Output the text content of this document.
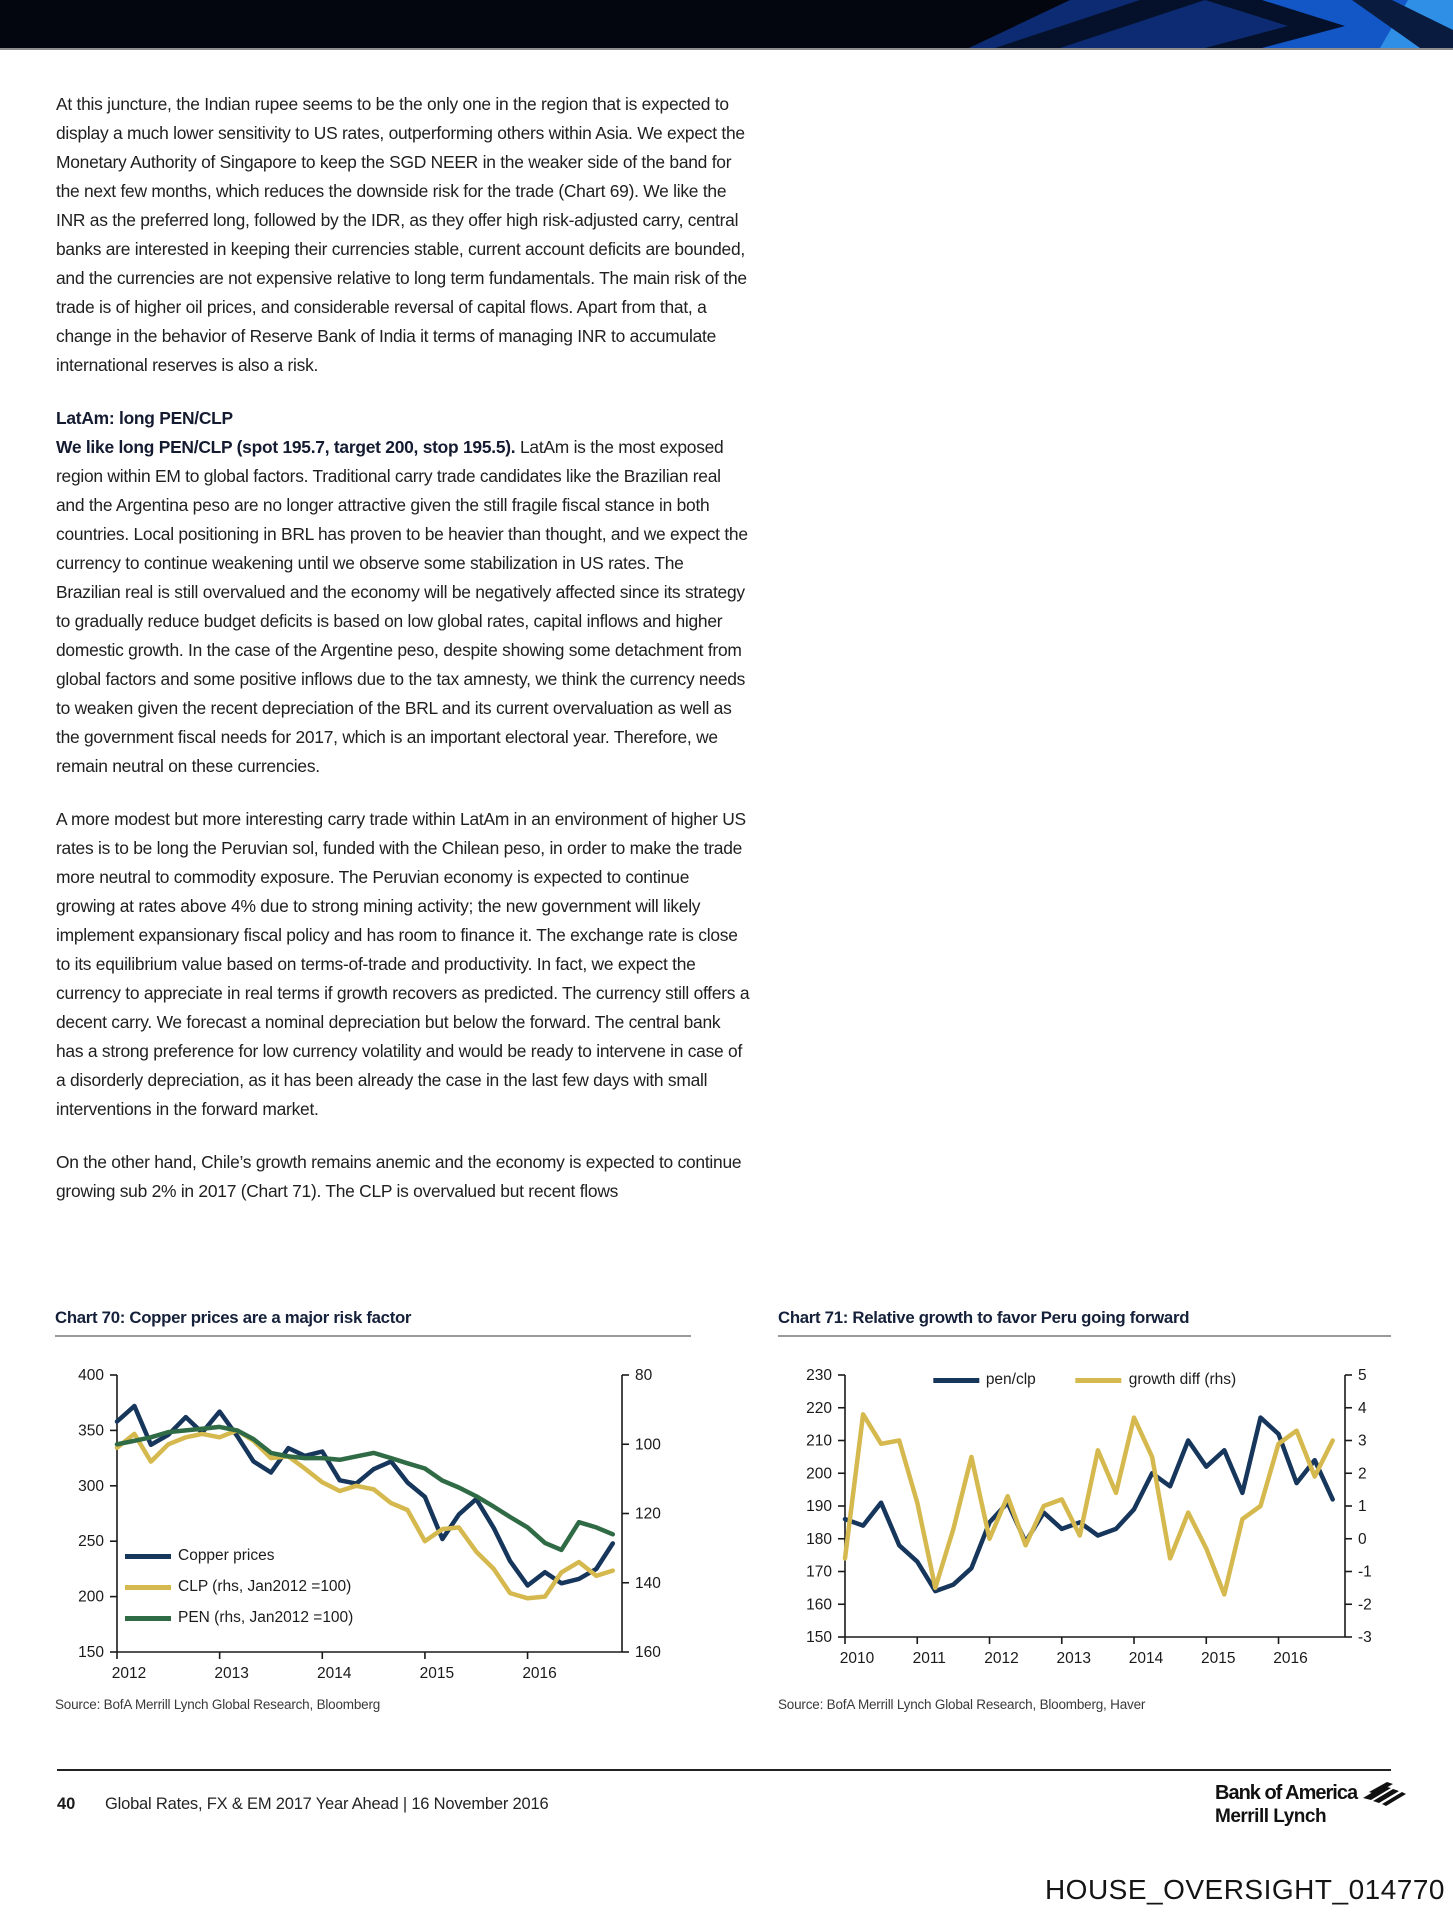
At this juncture, the Indian rupee seems to be the only one in the region that is expected to display a much lower sensitivity to US rates, outperforming others within Asia. We expect the Monetary Authority of Singapore to keep the SGD NEER in the weaker side of the band for the next few months, which reduces the downside risk for the trade (Chart 69). We like the INR as the preferred long, followed by the IDR, as they offer high risk-adjusted carry, central banks are interested in keeping their currencies stable, current account deficits are bounded, and the currencies are not expensive relative to long term fundamentals. The main risk of the trade is of higher oil prices, and considerable reversal of capital flows. Apart from that, a change in the behavior of Reserve Bank of India it terms of managing INR to accumulate international reserves is also a risk.

LatAm: long PEN/CLP
We like long PEN/CLP (spot 195.7, target 200, stop 195.5). LatAm is the most exposed region within EM to global factors. Traditional carry trade candidates like the Brazilian real and the Argentina peso are no longer attractive given the still fragile fiscal stance in both countries. Local positioning in BRL has proven to be heavier than thought, and we expect the currency to continue weakening until we observe some stabilization in US rates. The Brazilian real is still overvalued and the economy will be negatively affected since its strategy to gradually reduce budget deficits is based on low global rates, capital inflows and higher domestic growth. In the case of the Argentine peso, despite showing some detachment from global factors and some positive inflows due to the tax amnesty, we think the currency needs to weaken given the recent depreciation of the BRL and its current overvaluation as well as the government fiscal needs for 2017, which is an important electoral year. Therefore, we remain neutral on these currencies.

A more modest but more interesting carry trade within LatAm in an environment of higher US rates is to be long the Peruvian sol, funded with the Chilean peso, in order to make the trade more neutral to commodity exposure. The Peruvian economy is expected to continue growing at rates above 4% due to strong mining activity; the new government will likely implement expansionary fiscal policy and has room to finance it. The exchange rate is close to its equilibrium value based on terms-of-trade and productivity. In fact, we expect the currency to appreciate in real terms if growth recovers as predicted. The currency still offers a decent carry. We forecast a nominal depreciation but below the forward. The central bank has a strong preference for low currency volatility and would be ready to intervene in case of a disorderly depreciation, as it has been already the case in the last few days with small interventions in the forward market.

On the other hand, Chile’s growth remains anemic and the economy is expected to continue growing sub 2% in 2017 (Chart 71). The CLP is overvalued but recent flows

Chart 70: Copper prices are a major risk factor
400
350
300
250
200
150
80
100
120
140
160
2012	2013	2014	2015	2016
Copper prices
CLP (rhs, Jan2012 =100)
PEN (rhs, Jan2012 =100)
Source: BofA Merrill Lynch Global Research, Bloomberg
Chart 71: Relative growth to favor Peru going forward
230
220
210
200
190
180
170
160
150
5
4
3
2
1
0
-1
-2
-3
2010 2011 2012 2013 2014 2015 2016
pen/clp	growth diff (rhs)
Source: BofA Merrill Lynch Global Research, Bloomberg, Haver
40 Global Rates, FX & EM 2017 Year Ahead | 16 November 2016	Bank of America
Merrill Lynch
HOUSE_OVERSIGHT_014770
